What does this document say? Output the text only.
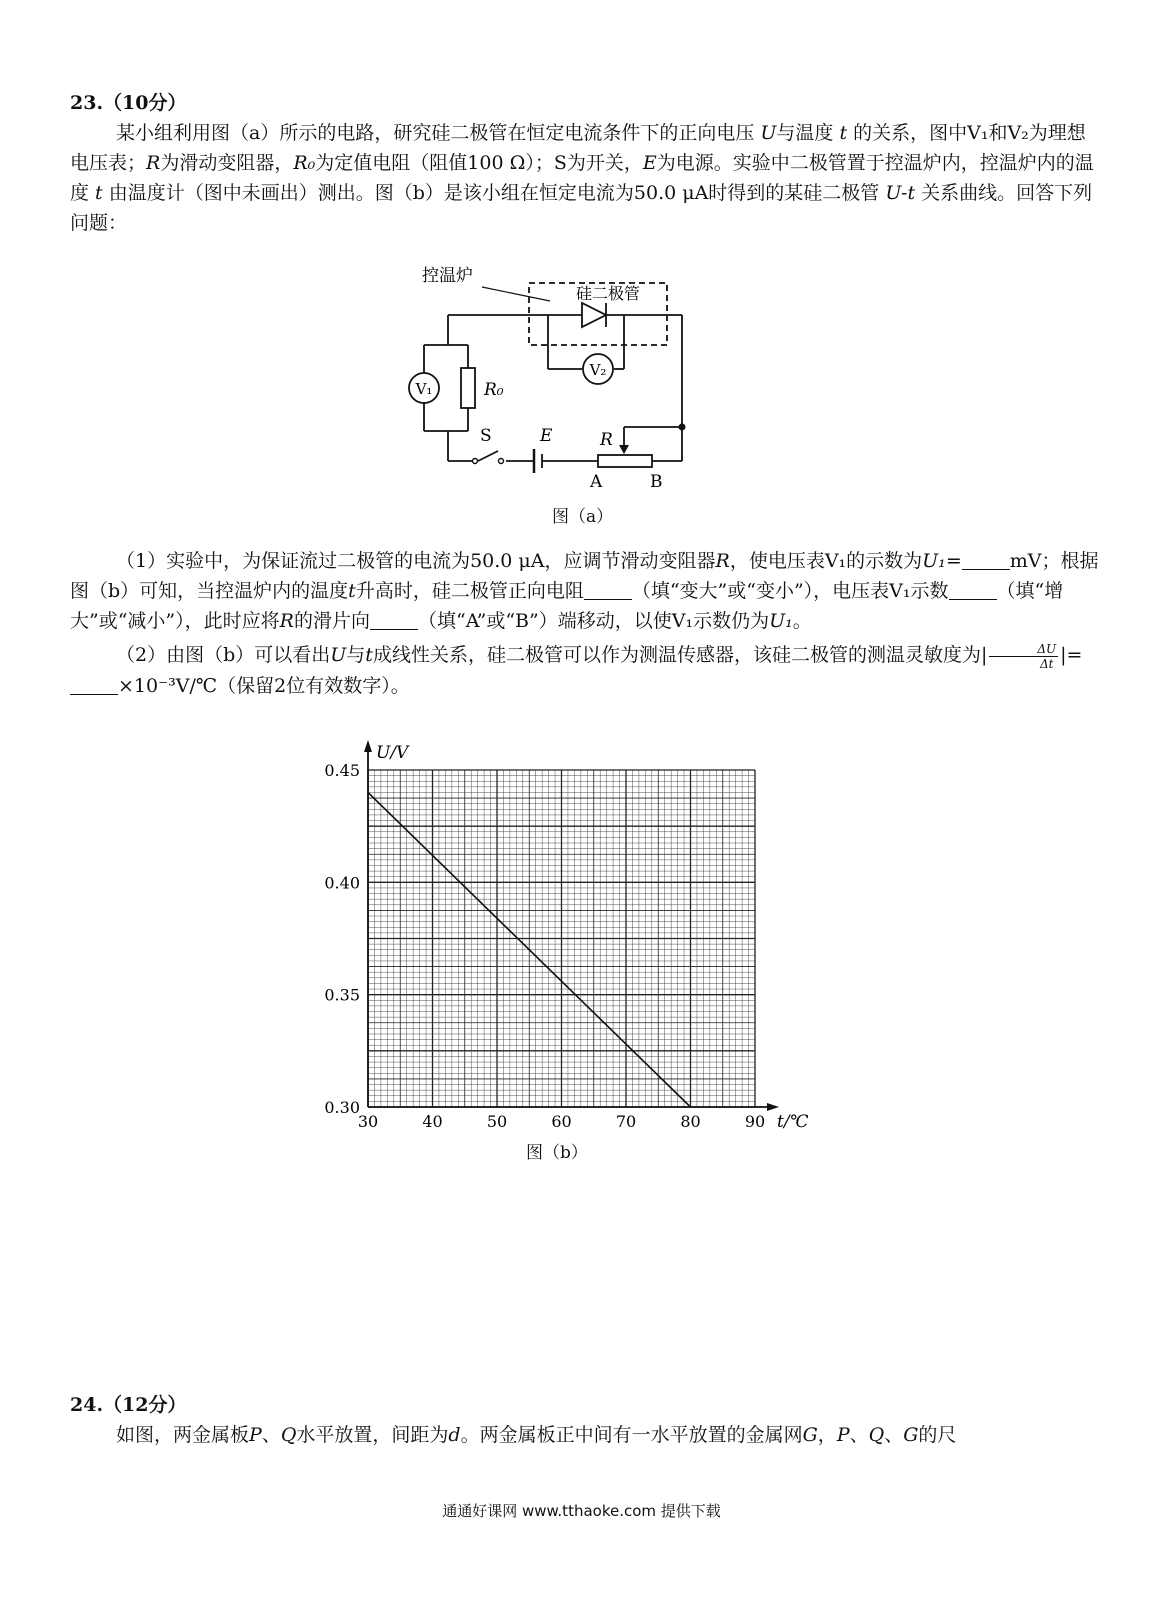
23.（10分）

某小组利用图（a）所示的电路，研究硅二极管在恒定电流条件下的正向电压 U与温度 t 的关系，图中V₁和V₂为理想电压表；R为滑动变阻器，R₀为定值电阻（阻值100 Ω）；S为开关，E为电源。实验中二极管置于控温炉内，控温炉内的温度 t 由温度计（图中未画出）测出。图（b）是该小组在恒定电流为50.0 μA时得到的某硅二极管 U-t 关系曲线。回答下列问题：

V₁
V₂
R₀
控温炉
硅二极管
S	E	R
A	B
图（a）

（1）实验中，为保证流过二极管的电流为50.0 μA，应调节滑动变阻器R，使电压表V₁的示数为U₁=	mV；根据图（b）可知，当控温炉内的温度t升高时，硅二极管正向电阻	（填“变大”或“变小”），电压表V₁示数	（填“增大”或“减小”），此时应将R的滑片向	（填“A”或“B”）端移动，以使V₁示数仍为U₁。

（2）由图（b）可以看出U与t成线性关系，硅二极管可以作为测温传感器，该硅二极管的测温灵敏度为| $\frac{\Delta U}{\Delta t}$ |=×10⁻³V/℃（保留2位有效数字）。

30	40	50	60	70	80	90
0.30
0.35
0.40
0.45
U/V
t/℃
图（b）

24.（12分）

如图，两金属板P、Q水平放置，间距为d。两金属板正中间有一水平放置的金属网G，P、Q、G的尺

通通好课网 www.tthaoke.com 提供下载
